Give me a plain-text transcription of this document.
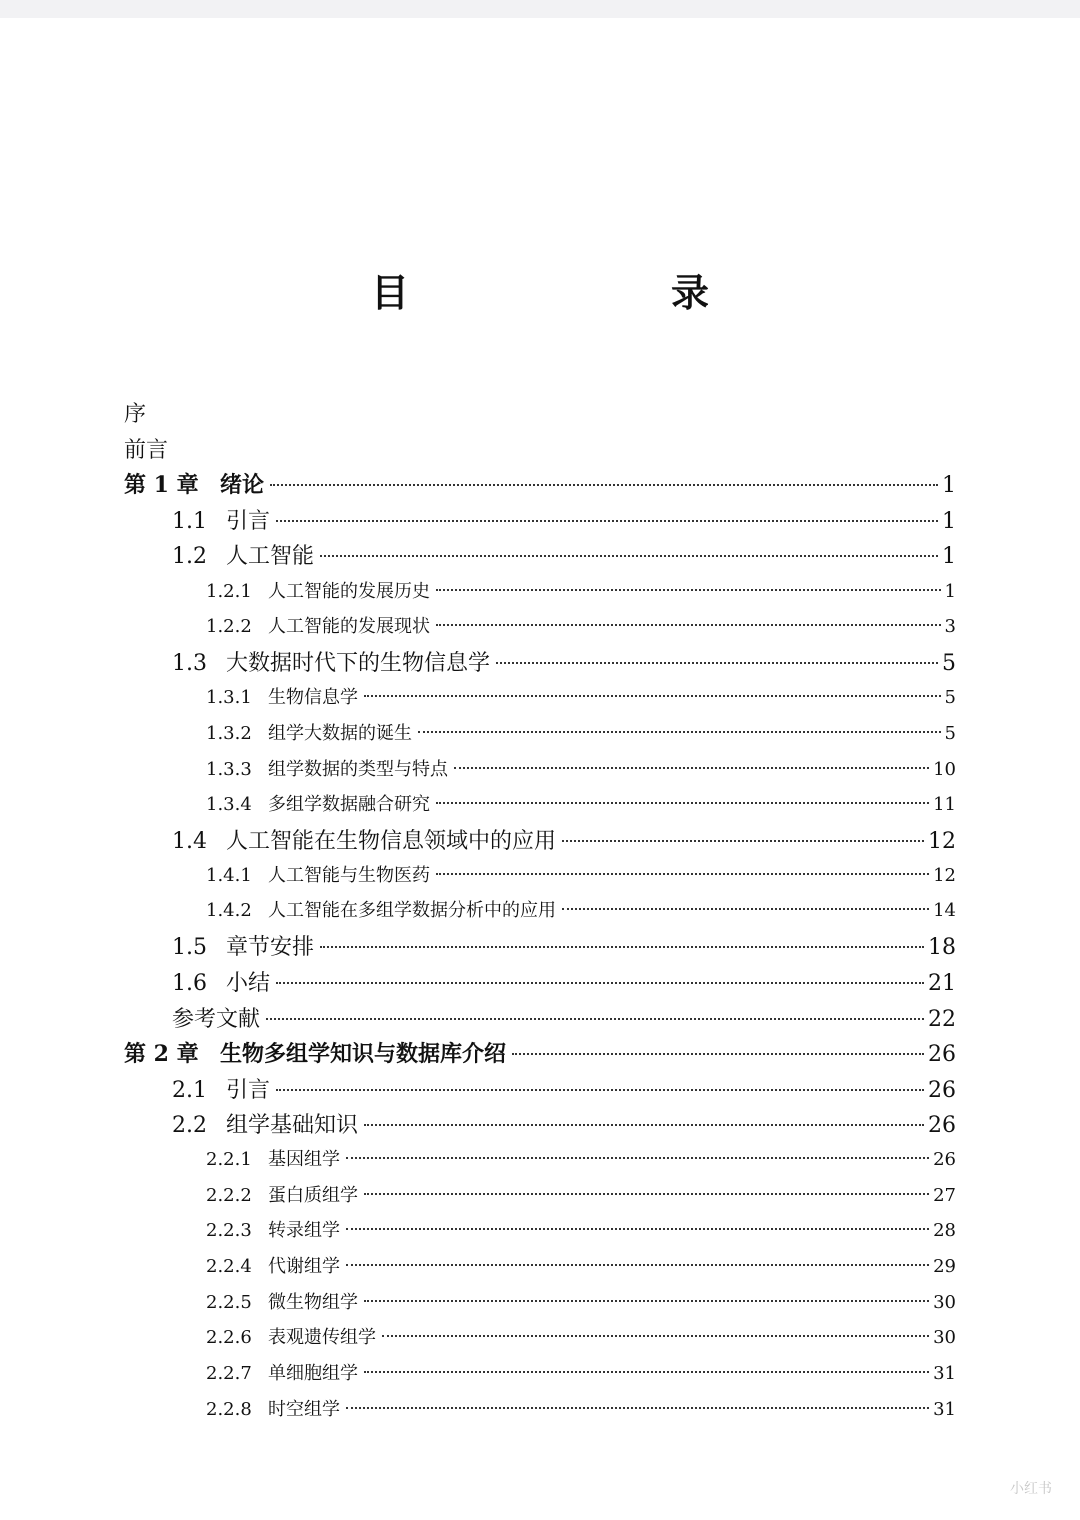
目　　录
序
前言
第 1 章 绪论	1
1.1 引言	1
1.2 人工智能	1
1.2.1 人工智能的发展历史	1
1.2.2 人工智能的发展现状	3
1.3 大数据时代下的生物信息学	5
1.3.1 生物信息学	5
1.3.2 组学大数据的诞生	5
1.3.3 组学数据的类型与特点	10
1.3.4 多组学数据融合研究	11
1.4 人工智能在生物信息领域中的应用	12
1.4.1 人工智能与生物医药	12
1.4.2 人工智能在多组学数据分析中的应用	14
1.5 章节安排	18
1.6 小结	21
参考文献	22
第 2 章 生物多组学知识与数据库介绍	26
2.1 引言	26
2.2 组学基础知识	26
2.2.1 基因组学	26
2.2.2 蛋白质组学	27
2.2.3 转录组学	28
2.2.4 代谢组学	29
2.2.5 微生物组学	30
2.2.6 表观遗传组学	30
2.2.7 单细胞组学	31
2.2.8 时空组学	31
小红书
